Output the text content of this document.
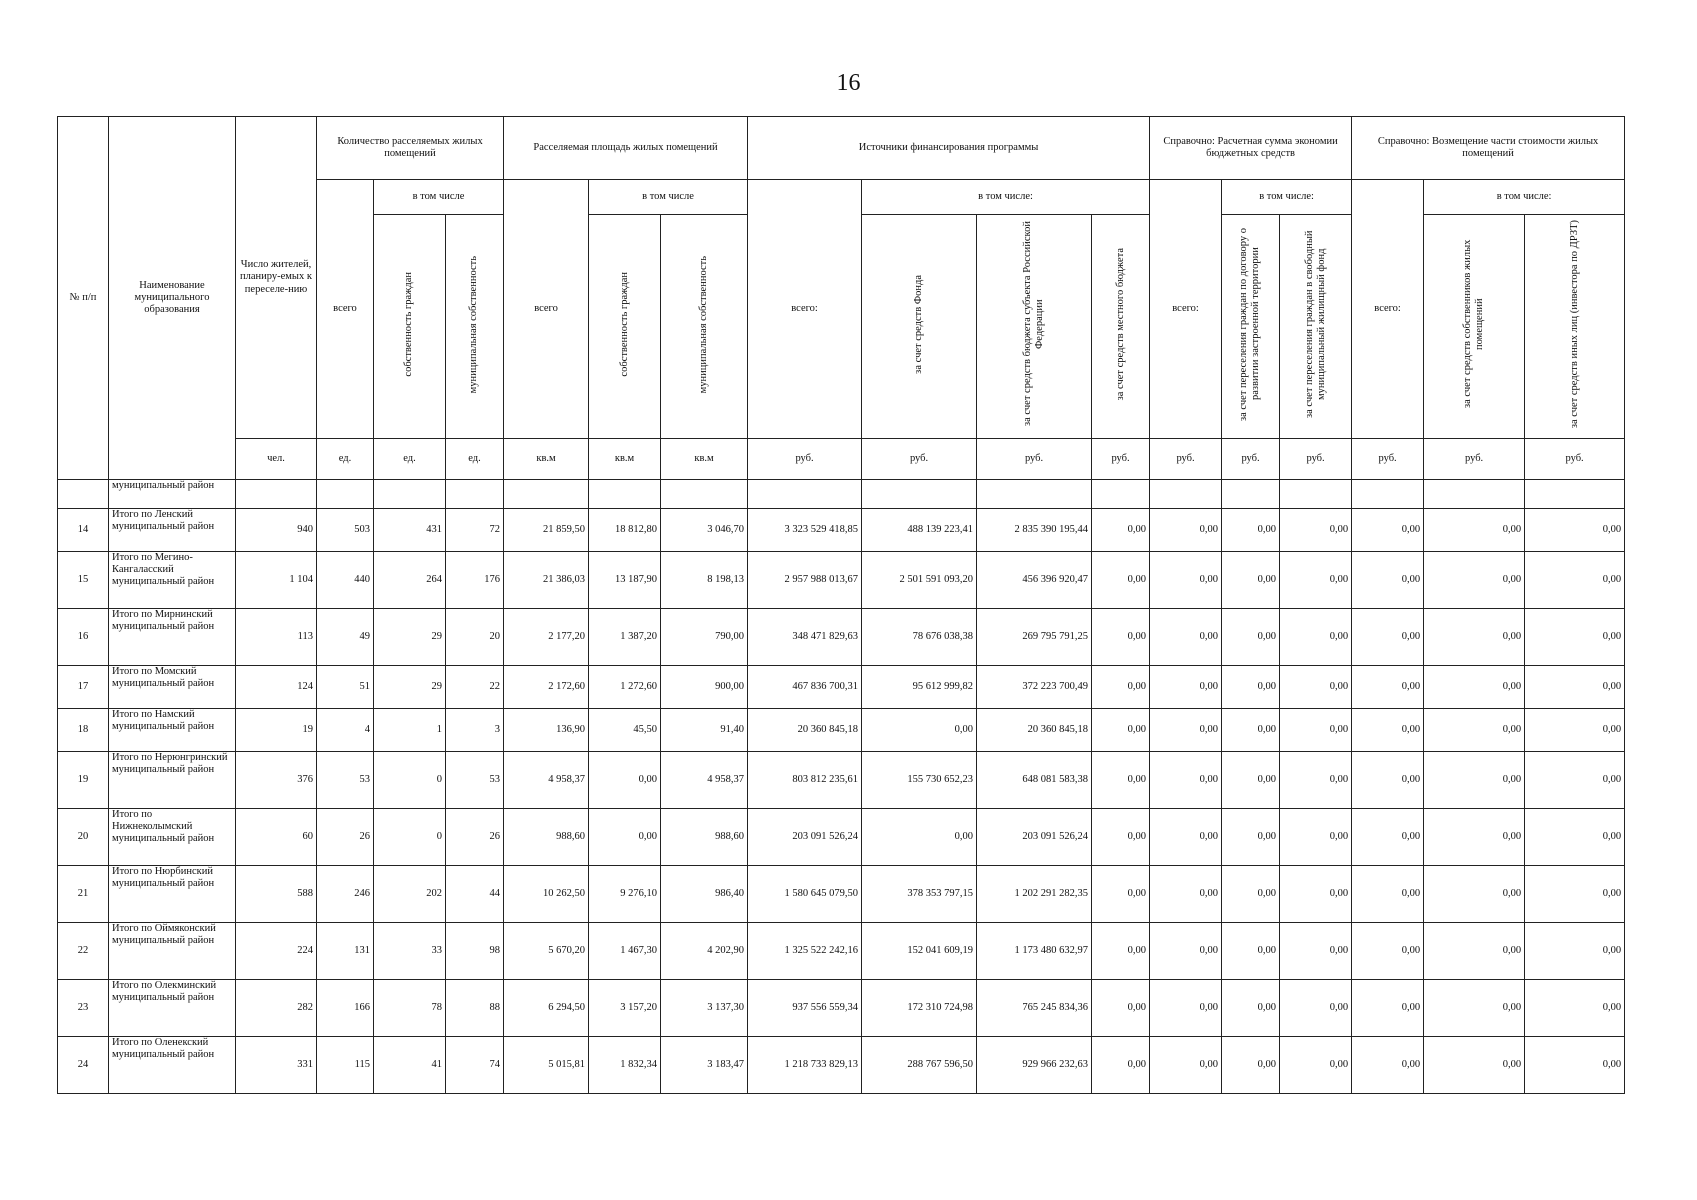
16
№ п/п	Наименование муниципального образования	Число жителей, планиру-емых к переселе-нию	Количество расселяемых жилых помещений			Расселяемая площадь жилых помещений			Источники финансирования программы				Справочно: Расчетная сумма экономии бюджетных средств			Справочно: Возмещение части стоимости жилых помещений		
			всего	в том числе		всего	в том числе		всего:	в том числе:			всего:	в том числе:		всего:	в том числе:	
				собственность граждан	муниципальная собственность		собственность граждан	муниципальная собственность		за счет средств Фонда	за счет средств бюджета субъекта Российской Федерации	за счет средств местного бюджета		за счет переселения граждан по договору о развитии застроенной территории	за счет переселения граждан в свободный муниципальный жилищный фонд		за счет средств собственников жилых помещений	за счет средств иных лиц (инвестора по ДРЗТ)
		чел.	ед.	ед.	ед.	кв.м	кв.м	кв.м	руб.	руб.	руб.	руб.	руб.	руб.	руб.	руб.	руб.	руб.
	муниципальный район																	
14	Итого по Ленский муниципальный район	940	503	431	72	21 859,50	18 812,80	3 046,70	3 323 529 418,85	488 139 223,41	2 835 390 195,44	0,00	0,00	0,00	0,00	0,00	0,00	0,00
15	Итого по Мегино-Кангаласский муниципальный район	1 104	440	264	176	21 386,03	13 187,90	8 198,13	2 957 988 013,67	2 501 591 093,20	456 396 920,47	0,00	0,00	0,00	0,00	0,00	0,00	0,00
16	Итого по Мирнинский муниципальный район	113	49	29	20	2 177,20	1 387,20	790,00	348 471 829,63	78 676 038,38	269 795 791,25	0,00	0,00	0,00	0,00	0,00	0,00	0,00
17	Итого по Момский муниципальный район	124	51	29	22	2 172,60	1 272,60	900,00	467 836 700,31	95 612 999,82	372 223 700,49	0,00	0,00	0,00	0,00	0,00	0,00	0,00
18	Итого по Намский муниципальный район	19	4	1	3	136,90	45,50	91,40	20 360 845,18	0,00	20 360 845,18	0,00	0,00	0,00	0,00	0,00	0,00	0,00
19	Итого по Нерюнгринский муниципальный район	376	53	0	53	4 958,37	0,00	4 958,37	803 812 235,61	155 730 652,23	648 081 583,38	0,00	0,00	0,00	0,00	0,00	0,00	0,00
20	Итого по Нижнеколымский муниципальный район	60	26	0	26	988,60	0,00	988,60	203 091 526,24	0,00	203 091 526,24	0,00	0,00	0,00	0,00	0,00	0,00	0,00
21	Итого по Нюрбинский муниципальный район	588	246	202	44	10 262,50	9 276,10	986,40	1 580 645 079,50	378 353 797,15	1 202 291 282,35	0,00	0,00	0,00	0,00	0,00	0,00	0,00
22	Итого по Оймяконский муниципальный район	224	131	33	98	5 670,20	1 467,30	4 202,90	1 325 522 242,16	152 041 609,19	1 173 480 632,97	0,00	0,00	0,00	0,00	0,00	0,00	0,00
23	Итого по Олекминский муниципальный район	282	166	78	88	6 294,50	3 157,20	3 137,30	937 556 559,34	172 310 724,98	765 245 834,36	0,00	0,00	0,00	0,00	0,00	0,00	0,00
24	Итого по Оленекский муниципальный район	331	115	41	74	5 015,81	1 832,34	3 183,47	1 218 733 829,13	288 767 596,50	929 966 232,63	0,00	0,00	0,00	0,00	0,00	0,00	0,00
